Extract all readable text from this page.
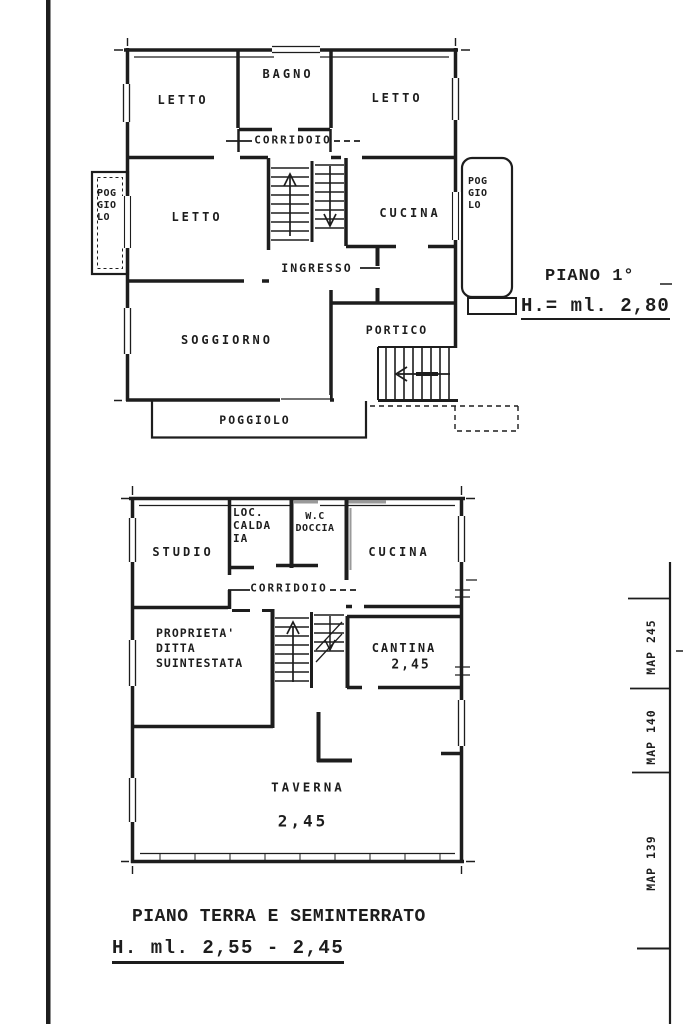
LETTO
BAGNO
LETTO
CORRIDOIO
LETTO	CUCINA
INGRESSO
SOGGIORNO
PORTICO
POGGIOLO
POG
GIO
LO
POG
GIO
LO
PIANO 1°
H.= ml. 2,80
STUDIO
LOC.
CALDA
IA
W.C
DOCCIA
CUCINA
CORRIDOIO
PROPRIETA'
DITTA
SUINTESTATA
CANTINA
2,45
TAVERNA
2,45
PIANO TERRA E SEMINTERRATO
H. ml. 2,55 - 2,45
MAP 245
MAP 140
MAP 139
